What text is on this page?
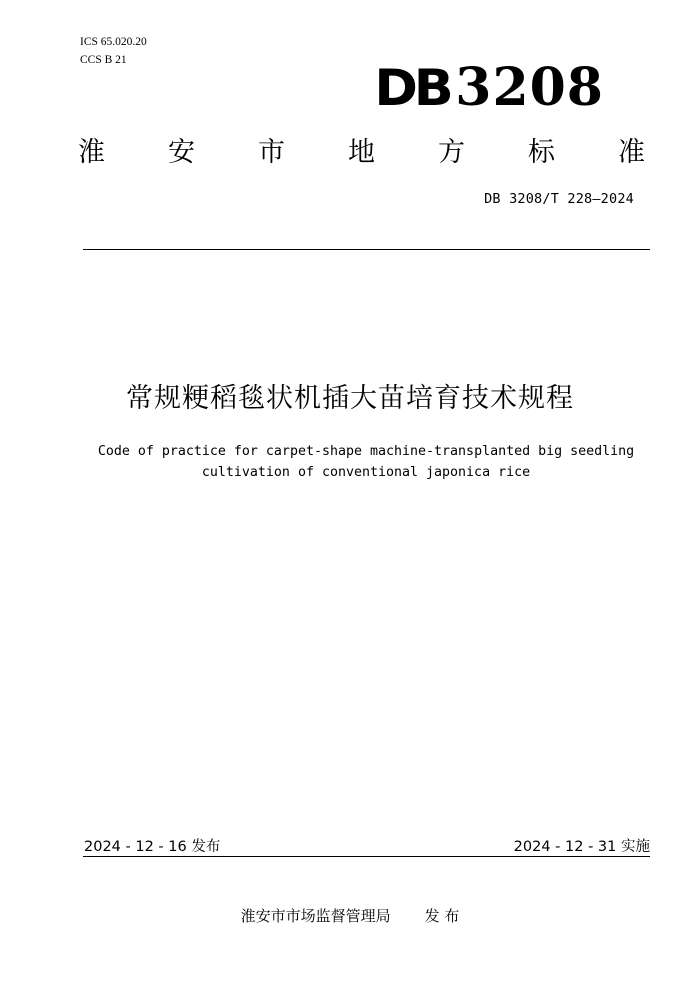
ICS 65.020.20
CCS B 21	DB 3208
淮 安 市 地 方 标 准
DB 3208/T 228—2024
常规粳稻毯状机插大苗培育技术规程
Code of practice for carpet-shape machine-transplanted big seedling
cultivation of conventional japonica rice
2024 - 12 - 16 发布	2024 - 12 - 31 实施
淮安市市场监督管理局 发 布
